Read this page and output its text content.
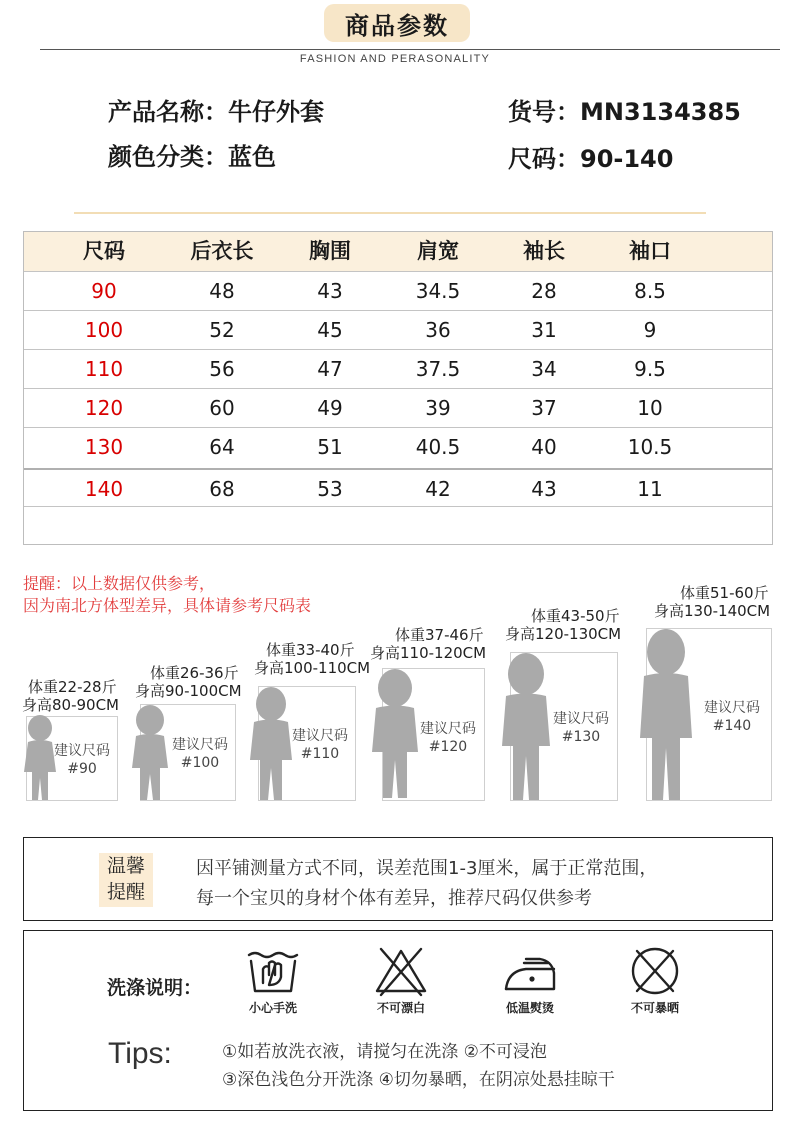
商品参数
FASHION AND PERASONALITY
产品名称：牛仔外套	货号：MN3134385
颜色分类：蓝色	尺码：90-140
尺码	后衣长	胸围	肩宽	袖长	袖口
90	48	43	34.5	28	8.5
100	52	45	36	31	9
110	56	47	37.5	34	9.5
120	60	49	39	37	10
130	64	51	40.5	40	10.5
140	68	53	42	43	11
提醒：以上数据仅供参考，
因为南北方体型差异，具体请参考尺码表
体重22-28斤
身高80-90CM
建议尺码
#90
体重26-36斤
身高90-100CM
建议尺码
#100
体重33-40斤
身高100-110CM
建议尺码
#110
体重37-46斤
身高110-120CM
建议尺码
#120
体重43-50斤
身高120-130CM
建议尺码
#130
体重51-60斤
身高130-140CM
建议尺码
#140
温馨
提醒
因平铺测量方式不同，误差范围1-3厘米，属于正常范围，
每一个宝贝的身材个体有差异，推荐尺码仅供参考
洗涤说明：
小心手洗	不可漂白	低温熨烫	不可暴晒
Tips:	①如若放洗衣液，请搅匀在洗涤 ②不可浸泡
③深色浅色分开洗涤 ④切勿暴晒，在阴凉处悬挂晾干
